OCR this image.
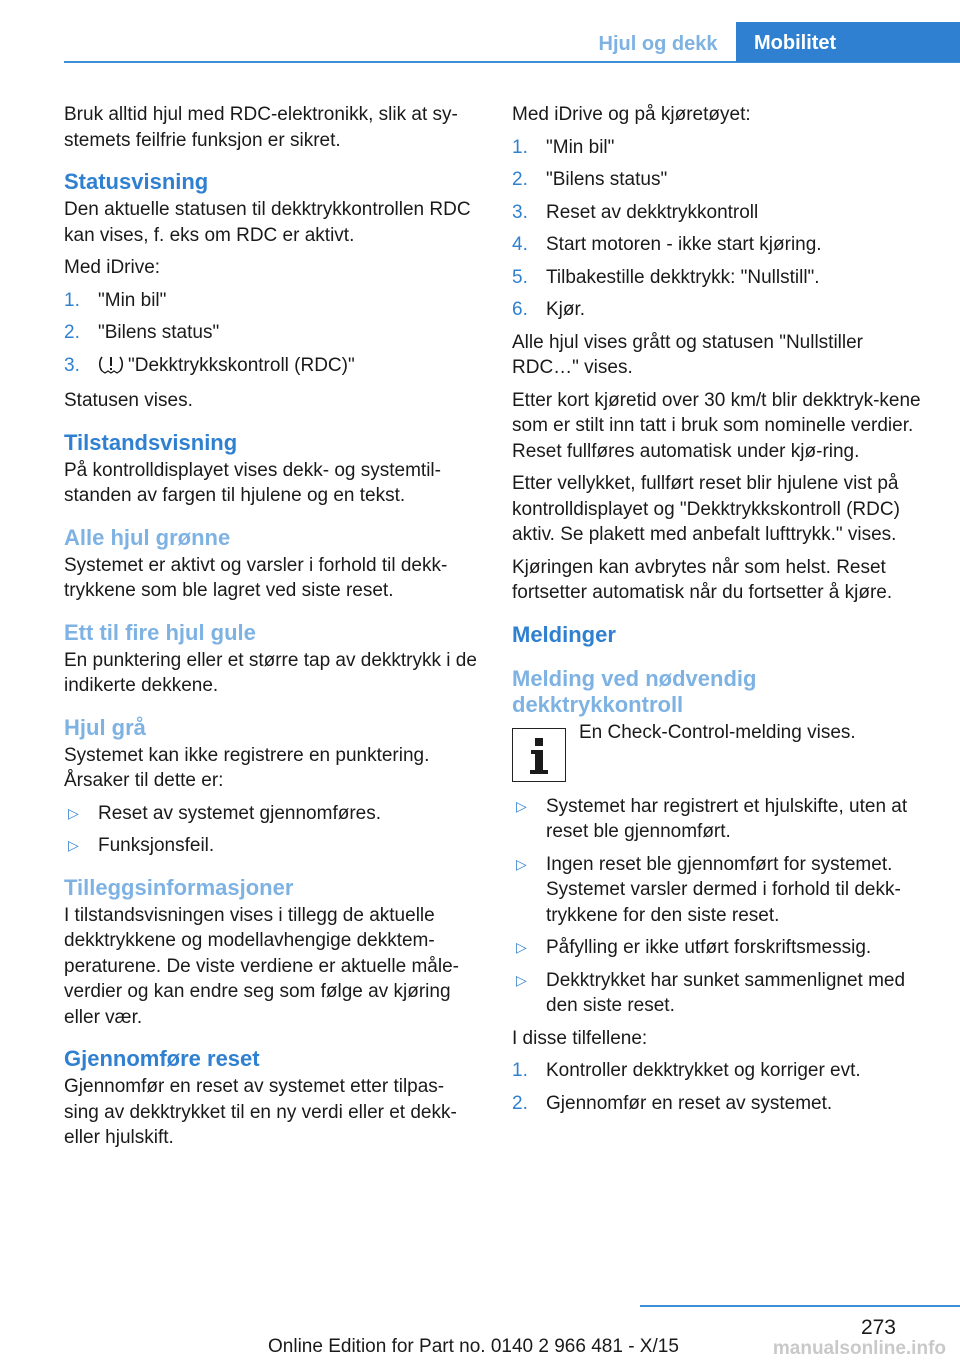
Hjul og dekk	Mobilitet

Bruk alltid hjul med RDC-elektronikk, slik at sy‐stemets feilfrie funksjon er sikret.

Statusvisning

Den aktuelle statusen til dekktrykkontrollen RDC kan vises, f. eks om RDC er aktivt.

Med iDrive:

1. "Min bil"
2. "Bilens status"
3.	"Dekktrykkskontroll (RDC)"

Statusen vises.

Tilstandsvisning

På kontrolldisplayet vises dekk- og systemtil‐standen av fargen til hjulene og en tekst.

Alle hjul grønne

Systemet er aktivt og varsler i forhold til dekk‐trykkene som ble lagret ved siste reset.

Ett til fire hjul gule

En punktering eller et større tap av dekktrykk i de indikerte dekkene.

Hjul grå

Systemet kan ikke registrere en punktering. Årsaker til dette er:

▷ Reset av systemet gjennomføres.
▷ Funksjonsfeil.
Tilleggsinformasjoner

I tilstandsvisningen vises i tillegg de aktuelle dekktrykkene og modellavhengige dekktem‐peraturene. De viste verdiene er aktuelle måle‐verdier og kan endre seg som følge av kjøring eller vær.

Gjennomføre reset

Gjennomfør en reset av systemet etter tilpas‐sing av dekktrykket til en ny verdi eller et dekk‐eller hjulskift.

Med iDrive og på kjøretøyet:

1. "Min bil"
2. "Bilens status"
3. Reset av dekktrykkontroll
4. Start motoren - ikke start kjøring.
5. Tilbakestille dekktrykk: "Nullstill".
6. Kjør.

Alle hjul vises grått og statusen "Nullstiller RDC…" vises.

Etter kort kjøretid over 30 km/t blir dekktryk‐kene som er stilt inn tatt i bruk som nominelle verdier. Reset fullføres automatisk under kjø‐ring.

Etter vellykket, fullført reset blir hjulene vist på kontrolldisplayet og "Dekktrykkskontroll (RDC) aktiv. Se plakett med anbefalt lufttrykk." vises.

Kjøringen kan avbrytes når som helst. Reset fortsetter automatisk når du fortsetter å kjøre.

Meldinger
Melding ved nødvendig dekktrykkontroll
En Check-Control-melding vises.
▷ Systemet har registrert et hjulskifte, uten at reset ble gjennomført.
▷ Ingen reset ble gjennomført for systemet. Systemet varsler dermed i forhold til dekk‐trykkene for den siste reset.
▷ Påfylling er ikke utført forskriftsmessig.
▷ Dekktrykket har sunket sammenlignet med den siste reset.

I disse tilfellene:

1. Kontroller dekktrykket og korriger evt.
2. Gjennomfør en reset av systemet.
273
Online Edition for Part no. 0140 2 966 481 - X/15	manualsonline.info
